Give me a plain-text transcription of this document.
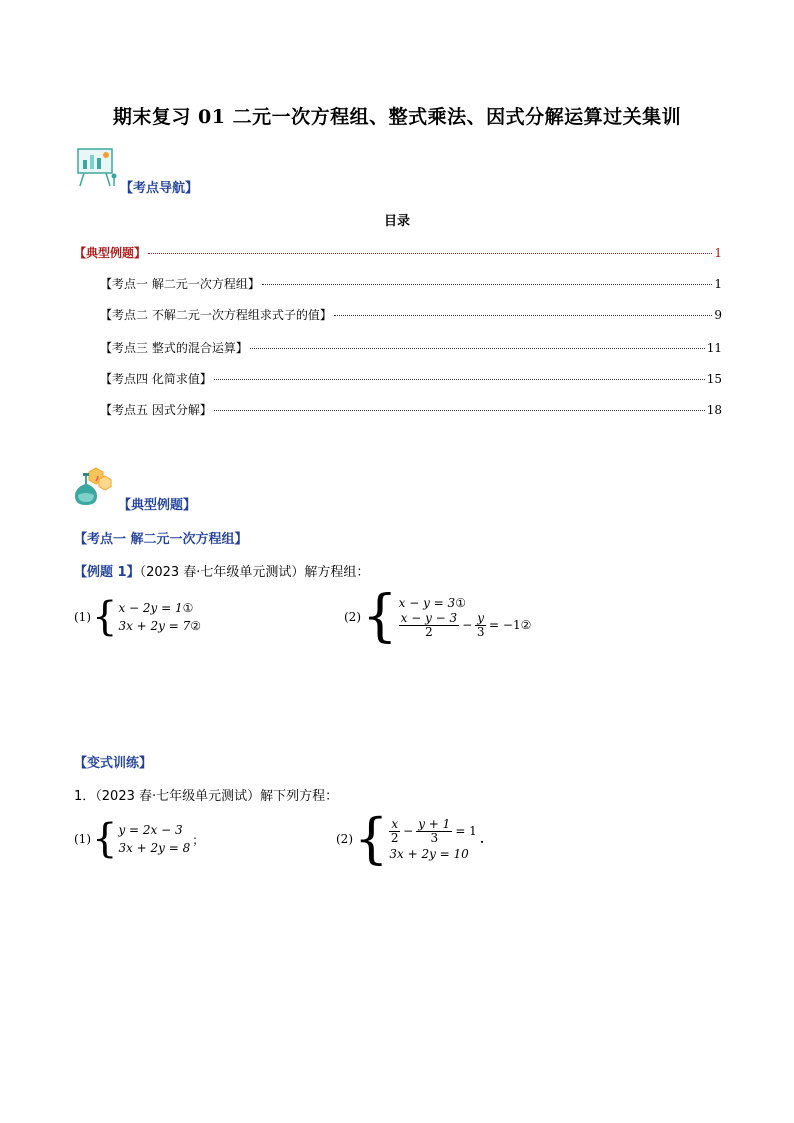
期末复习 01 二元一次方程组、整式乘法、因式分解运算过关集训
【考点导航】
目录
【典型例题】	1
【考点一 解二元一次方程组】	1
【考点二 不解二元一次方程组求式子的值】	9
【考点三 整式的混合运算】	11
【考点四 化简求值】	15
【考点五 因式分解】	18
【典型例题】
【考点一 解二元一次方程组】
【例题 1】（2023 春·七年级单元测试）解方程组：
(1) { x − 2y = 1①
3x + 2y = 7②
(2) { x − y = 3①
$\frac{x - y - 3}{2} - \frac{y}{3} = -1$ ②
【变式训练】
1．（2023 春·七年级单元测试）解下列方程：
(1) { y = 2x − 3
3x + 2y = 8
；	(2) { $\frac{x}{2} - \frac{y + 1}{3} = 1$
3x + 2y = 10
.
